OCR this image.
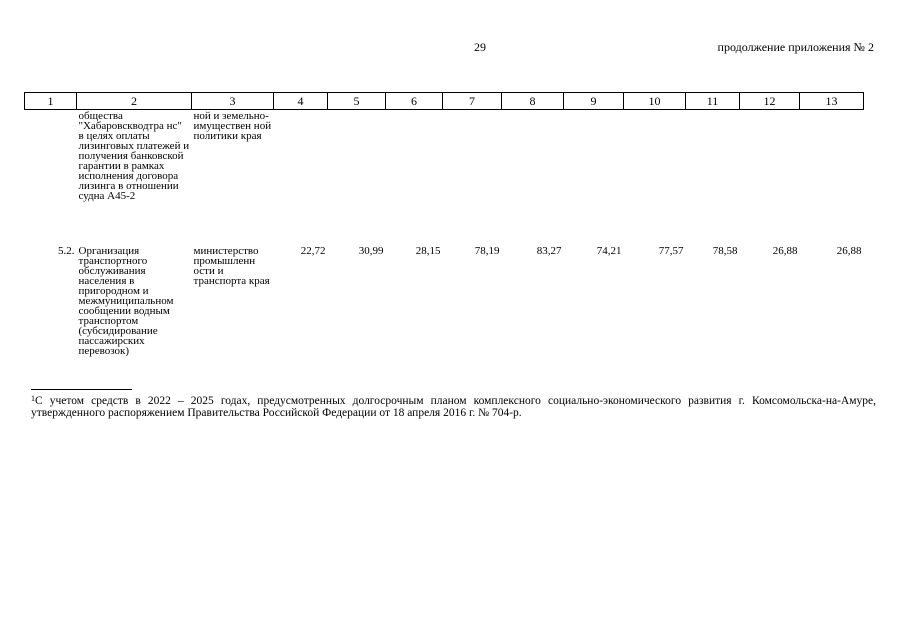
29	продолжение приложения № 2
1	2	3	4	5	6	7	8	9	10	11	12	13
	общества "Хабаровскводтра нс" в целях оплаты лизинговых платежей и получения банковской гарантии в рамках исполнения договора лизинга в отношении судна А45-2	ной и земельно-имуществен ной политики края										
5.2.	Организация транспортного обслуживания населения в пригородном и межмуниципальном сообщении водным транспортом (субсидирование пассажирских перевозок)	министерство промышленн ости и транспорта края	22,72	30,99	28,15	78,19	83,27	74,21	77,57	78,58	26,88	26,88
$^1$С учетом средств в 2022 – 2025 годах, предусмотренных долгосрочным планом комплексного социально-экономического развития г. Комсомольска-на-Амуре, утвержденного распоряжением Правительства Российской Федерации от 18 апреля 2016 г. № 704-р.
